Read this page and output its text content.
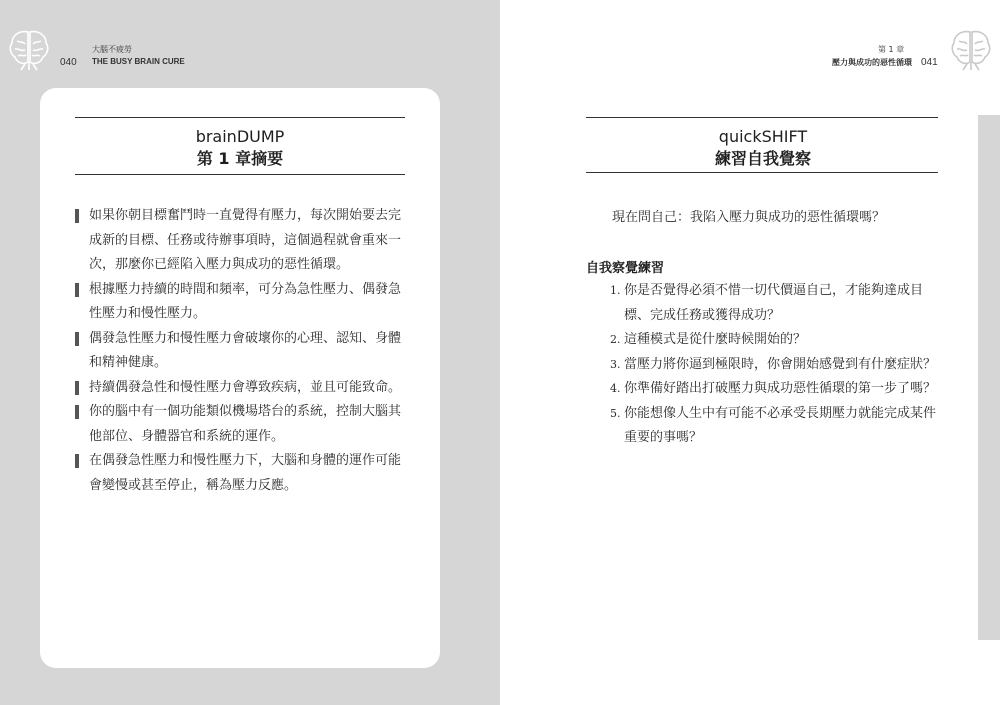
大腦不疲勞
040 THE BUSY BRAIN CURE
brainDUMP
第 1 章摘要
如果你朝目標奮鬥時一直覺得有壓力，每次開始要去完成新的目標、任務或待辦事項時，這個過程就會重來一次，那麼你已經陷入壓力與成功的惡性循環。
根據壓力持續的時間和頻率，可分為急性壓力、偶發急性壓力和慢性壓力。
偶發急性壓力和慢性壓力會破壞你的心理、認知、身體和精神健康。
持續偶發急性和慢性壓力會導致疾病，並且可能致命。
你的腦中有一個功能類似機場塔台的系統，控制大腦其他部位、身體器官和系統的運作。
在偶發急性壓力和慢性壓力下，大腦和身體的運作可能會變慢或甚至停止，稱為壓力反應。
第 1 章
壓力與成功的惡性循環 041
quickSHIFT
練習自我覺察
現在問自己：我陷入壓力與成功的惡性循環嗎？
自我察覺練習
1. 你是否覺得必須不惜一切代價逼自己，才能夠達成目標、完成任務或獲得成功？
2. 這種模式是從什麼時候開始的？
3. 當壓力將你逼到極限時，你會開始感覺到有什麼症狀？
4. 你準備好踏出打破壓力與成功惡性循環的第一步了嗎？
5. 你能想像人生中有可能不必承受長期壓力就能完成某件重要的事嗎？
